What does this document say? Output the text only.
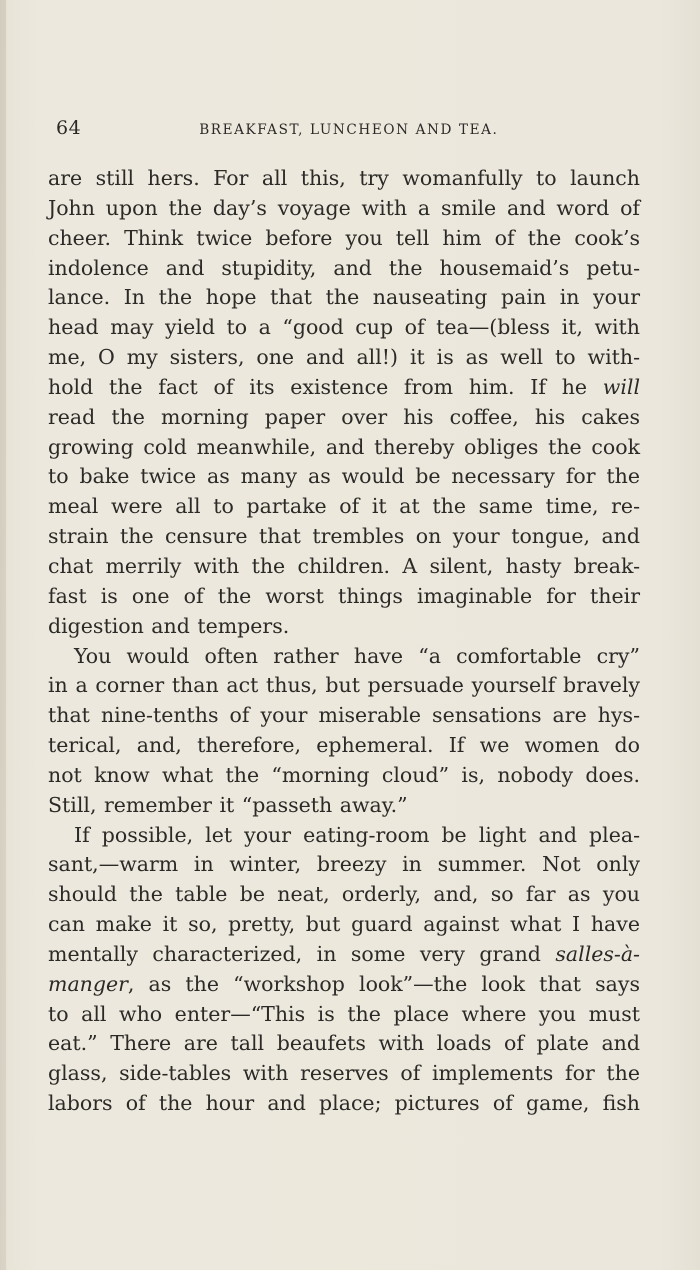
64	BREAKFAST, LUNCHEON AND TEA.
are still hers. For all this, try womanfully to launch
John upon the day’s voyage with a smile and word of
cheer. Think twice before you tell him of the cook’s
indolence and stupidity, and the housemaid’s petu-
lance. In the hope that the nauseating pain in your
head may yield to a “good cup of tea—(bless it, with
me, O my sisters, one and all!) it is as well to with-
hold the fact of its existence from him. If he will
read the morning paper over his coffee, his cakes
growing cold meanwhile, and thereby obliges the cook
to bake twice as many as would be necessary for the
meal were all to partake of it at the same time, re-
strain the censure that trembles on your tongue, and
chat merrily with the children. A silent, hasty break-
fast is one of the worst things imaginable for their
digestion and tempers.
You would often rather have “a comfortable cry”
in a corner than act thus, but persuade yourself bravely
that nine-tenths of your miserable sensations are hys-
terical, and, therefore, ephemeral. If we women do
not know what the “morning cloud” is, nobody does.
Still, remember it “passeth away.”
If possible, let your eating-room be light and plea-
sant,—warm in winter, breezy in summer. Not only
should the table be neat, orderly, and, so far as you
can make it so, pretty, but guard against what I have
mentally characterized, in some very grand salles-à-
manger, as the “workshop look”—the look that says
to all who enter—“This is the place where you must
eat.” There are tall beaufets with loads of plate and
glass, side-tables with reserves of implements for the
labors of the hour and place; pictures of game, fish
